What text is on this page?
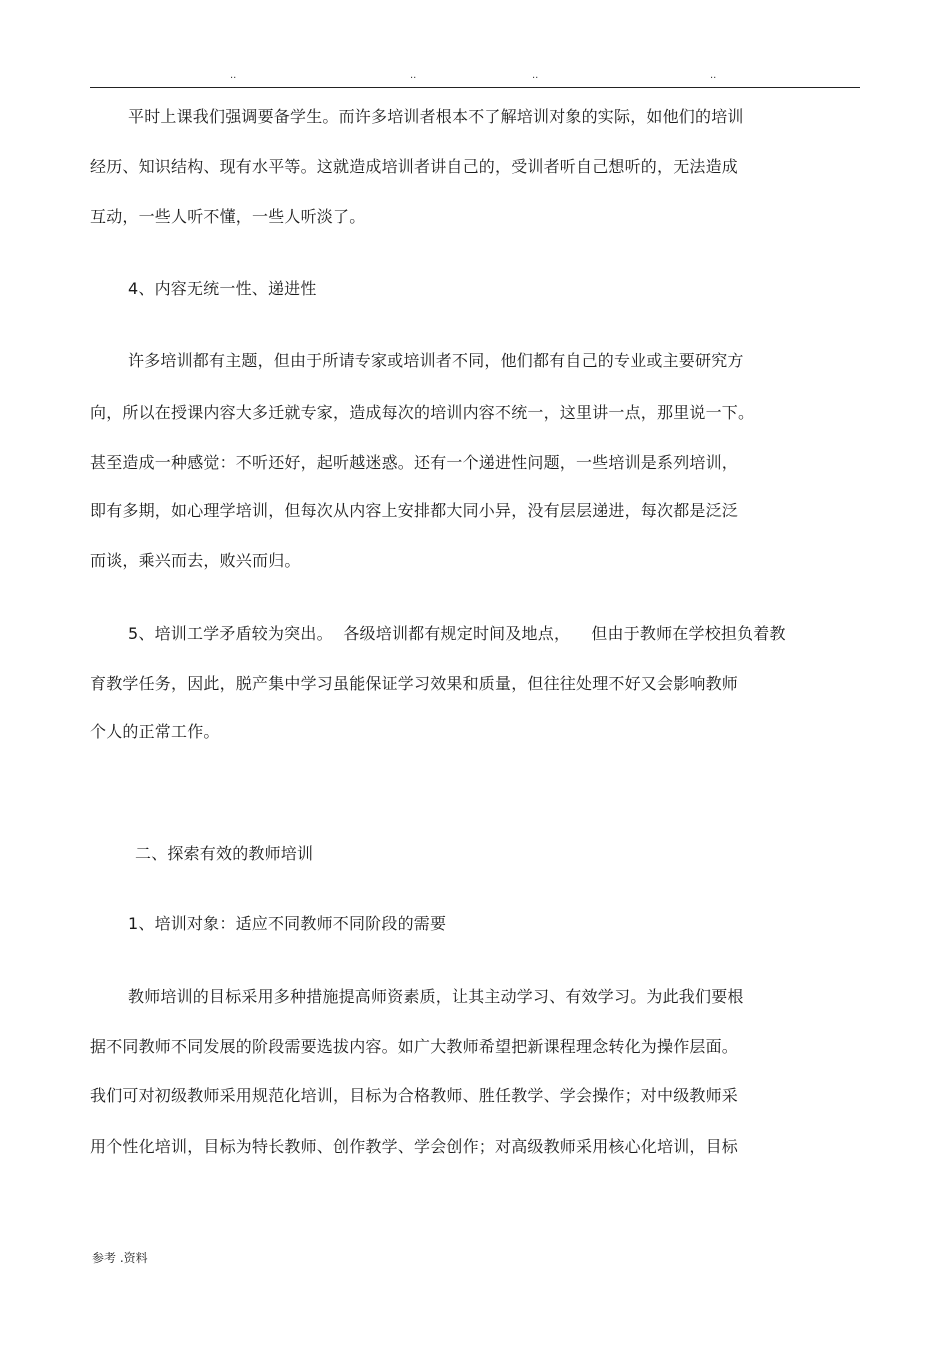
..	..	..	..
平时上课我们强调要备学生。而许多培训者根本不了解培训对象的实际，如他们的培训
经历、知识结构、现有水平等。这就造成培训者讲自己的，受训者听自己想听的，无法造成
互动，一些人听不懂，一些人听淡了。
4、内容无统一性、递进性
许多培训都有主题，但由于所请专家或培训者不同，他们都有自己的专业或主要研究方
向，所以在授课内容大多迁就专家，造成每次的培训内容不统一，这里讲一点，那里说一下。
甚至造成一种感觉：不听还好，起听越迷惑。还有一个递进性问题，一些培训是系列培训，
即有多期，如心理学培训，但每次从内容上安排都大同小异，没有层层递进，每次都是泛泛
而谈，乘兴而去，败兴而归。
5、培训工学矛盾较为突出。  各级培训都有规定时间及地点，    但由于教师在学校担负着教
育教学任务，因此，脱产集中学习虽能保证学习效果和质量，但往往处理不好又会影响教师
个人的正常工作。
二、探索有效的教师培训
1、培训对象：适应不同教师不同阶段的需要
教师培训的目标采用多种措施提高师资素质，让其主动学习、有效学习。为此我们要根
据不同教师不同发展的阶段需要选拔内容。如广大教师希望把新课程理念转化为操作层面。
我们可对初级教师采用规范化培训，目标为合格教师、胜任教学、学会操作；对中级教师采
用个性化培训，目标为特长教师、创作教学、学会创作；对高级教师采用核心化培训，目标
参考 .资料
